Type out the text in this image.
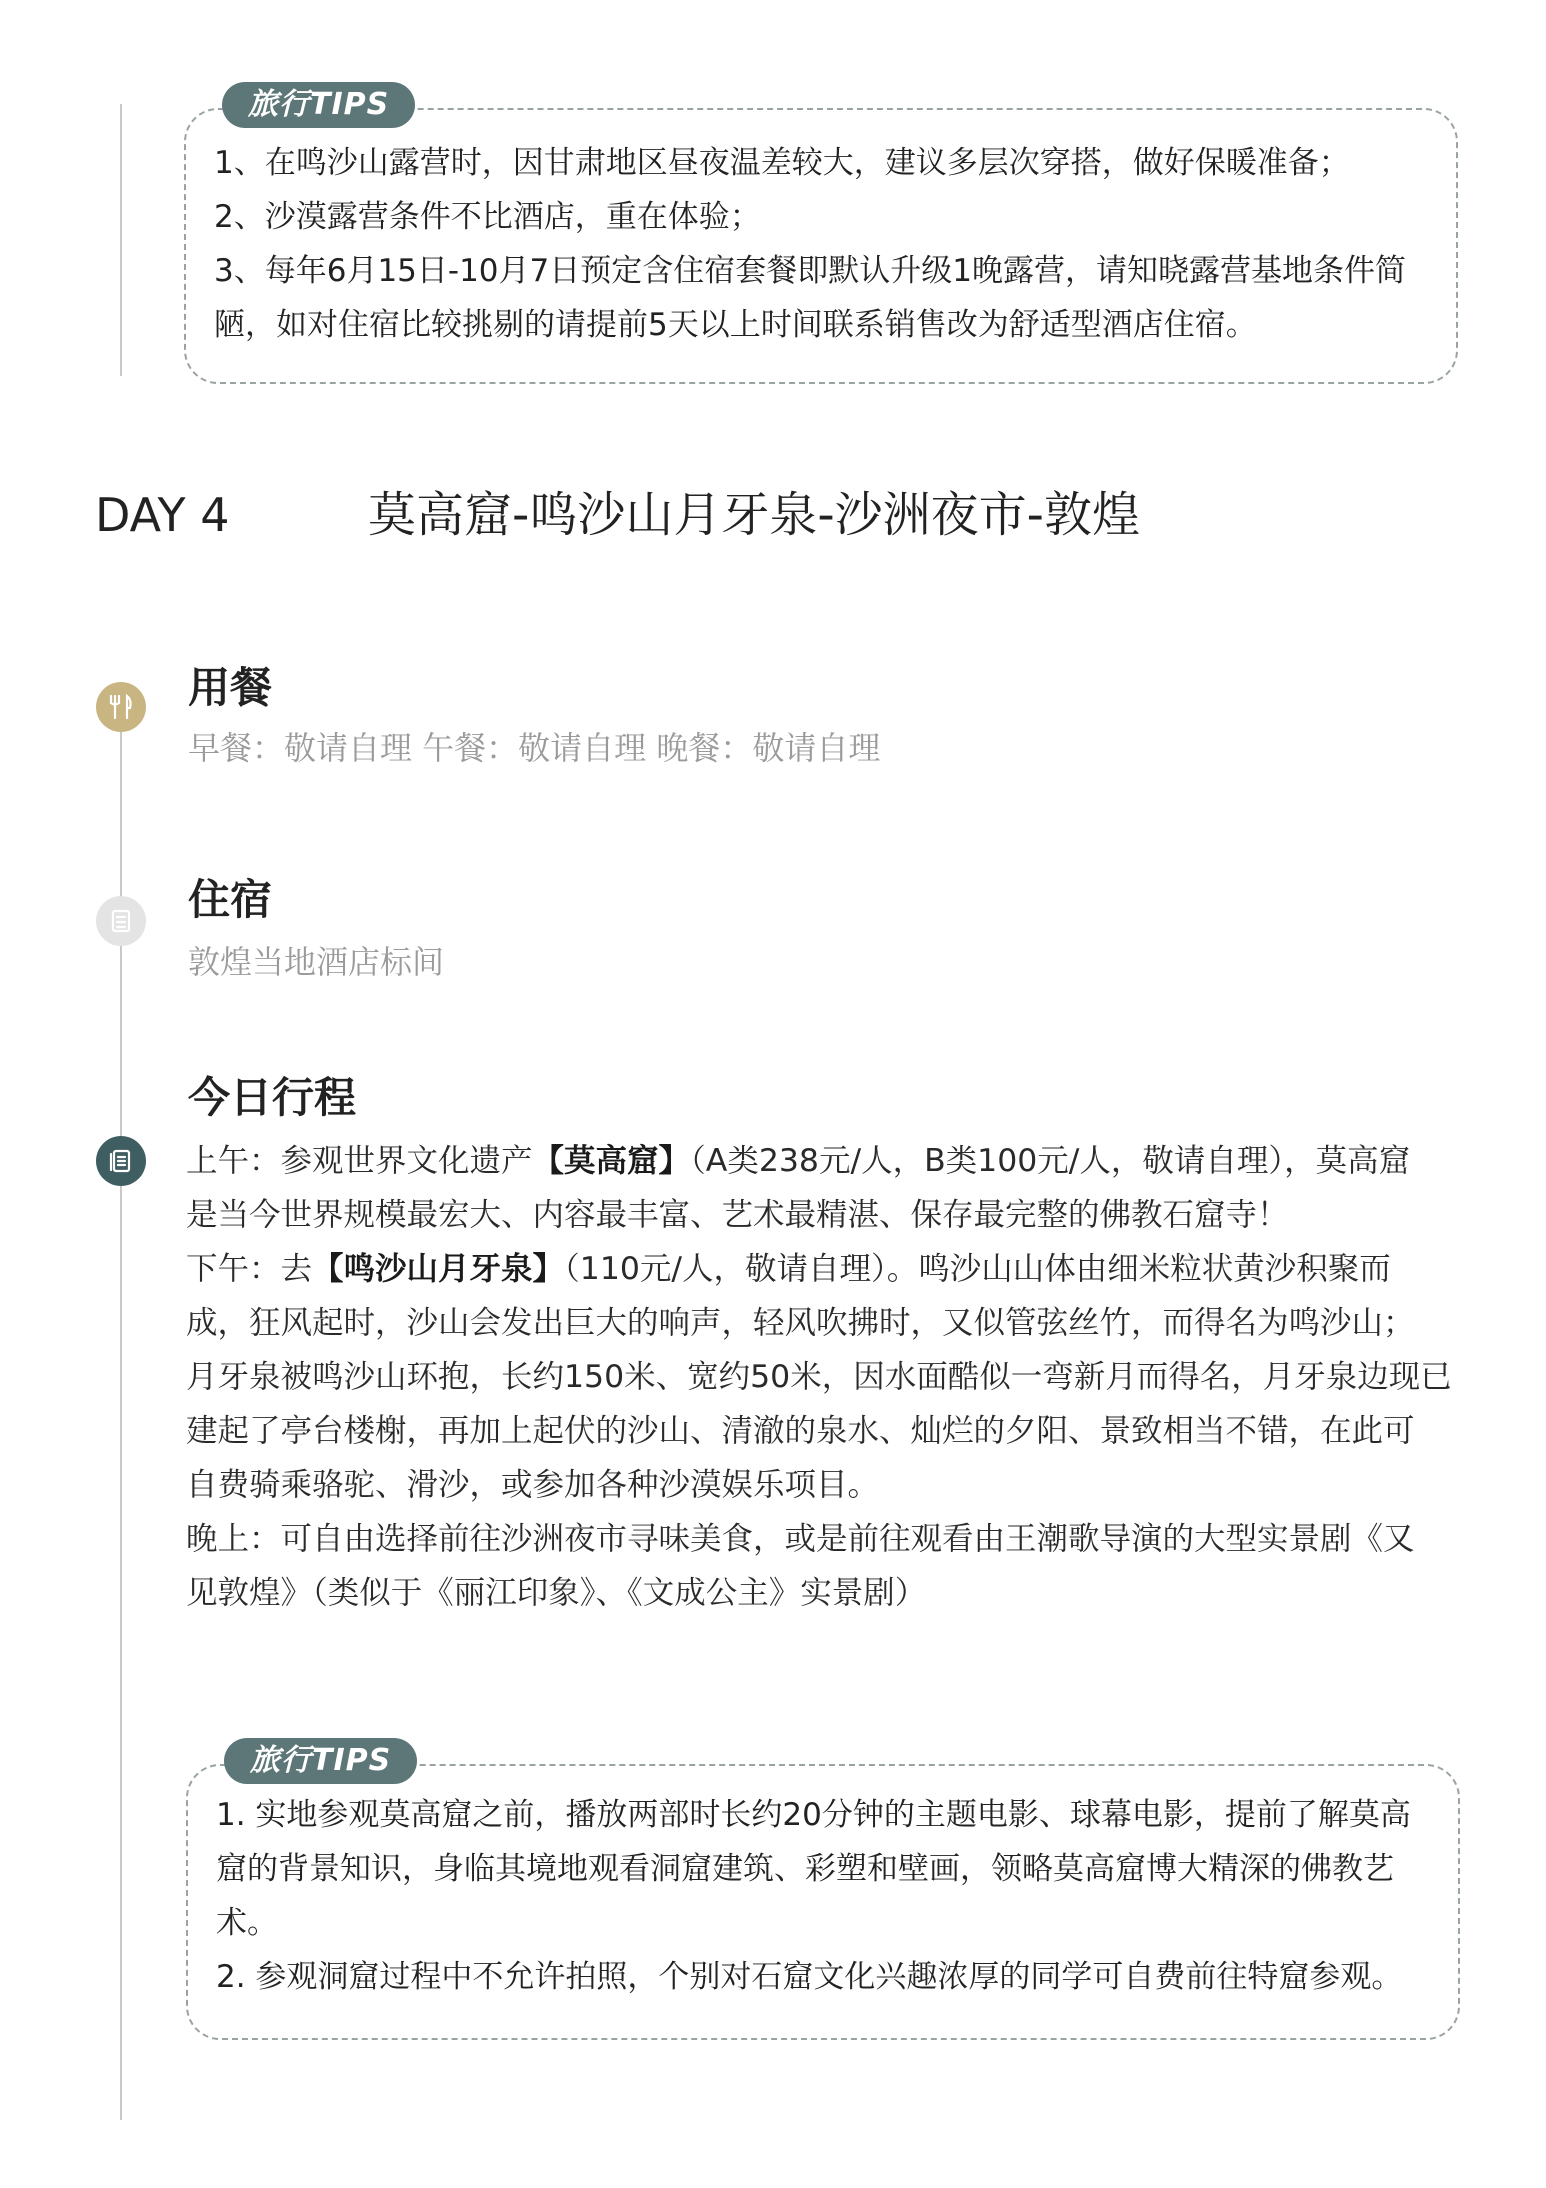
1、在鸣沙山露营时，因甘肃地区昼夜温差较大，建议多层次穿搭，做好保暖准备；
2、沙漠露营条件不比酒店，重在体验；
3、每年6月15日-10月7日预定含住宿套餐即默认升级1晚露营，请知晓露营基地条件简
陋，如对住宿比较挑剔的请提前5天以上时间联系销售改为舒适型酒店住宿。
旅行TIPS
DAY 4	莫高窟-鸣沙山月牙泉-沙洲夜市-敦煌
用餐
早餐：敬请自理 午餐：敬请自理 晚餐：敬请自理
住宿
敦煌当地酒店标间
今日行程
上午：参观世界文化遗产【莫高窟】（A类238元/人，B类100元/人，敬请自理），莫高窟
是当今世界规模最宏大、内容最丰富、艺术最精湛、保存最完整的佛教石窟寺！
下午：去【鸣沙山月牙泉】（110元/人，敬请自理）。鸣沙山山体由细米粒状黄沙积聚而
成，狂风起时，沙山会发出巨大的响声，轻风吹拂时，又似管弦丝竹，而得名为鸣沙山；
月牙泉被鸣沙山环抱，长约150米、宽约50米，因水面酷似一弯新月而得名，月牙泉边现已
建起了亭台楼榭，再加上起伏的沙山、清澈的泉水、灿烂的夕阳、景致相当不错，在此可
自费骑乘骆驼、滑沙，或参加各种沙漠娱乐项目。
晚上：可自由选择前往沙洲夜市寻味美食，或是前往观看由王潮歌导演的大型实景剧《又
见敦煌》（类似于《丽江印象》、《文成公主》实景剧）
1. 实地参观莫高窟之前，播放两部时长约20分钟的主题电影、球幕电影，提前了解莫高
窟的背景知识，身临其境地观看洞窟建筑、彩塑和壁画，领略莫高窟博大精深的佛教艺
术。
2. 参观洞窟过程中不允许拍照，个别对石窟文化兴趣浓厚的同学可自费前往特窟参观。
旅行TIPS
